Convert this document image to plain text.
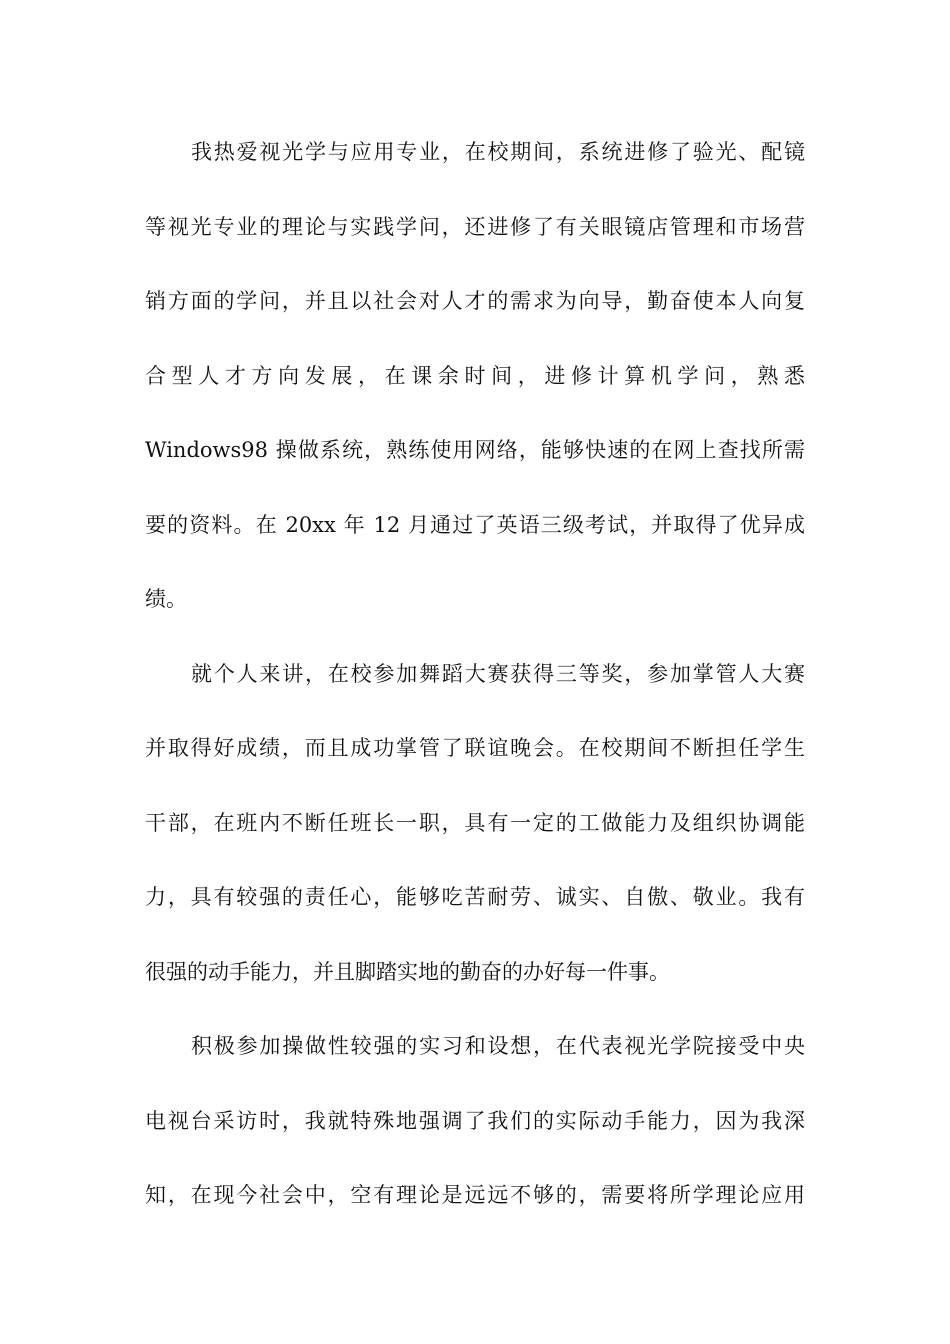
我热爱视光学与应用专业，在校期间，系统进修了验光、配镜
等视光专业的理论与实践学问，还进修了有关眼镜店管理和市场营
销方面的学问，并且以社会对人才的需求为向导，勤奋使本人向复
合型人才方向发展，在课余时间，进修计算机学问，熟悉
Windows98 操做系统，熟练使用网络，能够快速的在网上查找所需
要的资料。在 20xx 年 12 月通过了英语三级考试，并取得了优异成
绩。
就个人来讲，在校参加舞蹈大赛获得三等奖，参加掌管人大赛
并取得好成绩，而且成功掌管了联谊晚会。在校期间不断担任学生
干部，在班内不断任班长一职，具有一定的工做能力及组织协调能
力，具有较强的责任心，能够吃苦耐劳、诚实、自傲、敬业。我有
很强的动手能力，并且脚踏实地的勤奋的办好每一件事。
积极参加操做性较强的实习和设想，在代表视光学院接受中央
电视台采访时，我就特殊地强调了我们的实际动手能力，因为我深
知，在现今社会中，空有理论是远远不够的，需要将所学理论应用
